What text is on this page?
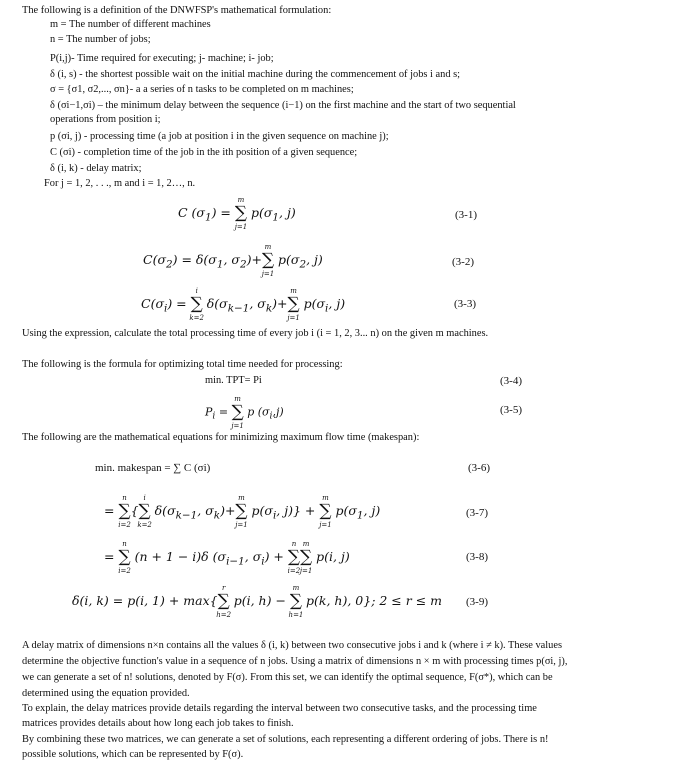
The following is a definition of the DNWFSP's mathematical formulation:
m = The number of different machines
n = The number of jobs;
P(i,j)- Time required for executing; j- machine; i- job;
δ (i, s) - the shortest possible wait on the initial machine during the commencement of jobs i and s;
σ = {σ1, σ2,..., σn}- a a series of n tasks to be completed on m machines;
δ (σi−1,σi) – the minimum delay between the sequence (i−1) on the first machine and the start of two sequential
operations from position i;
p (σi, j) - processing time (a job at position i in the given sequence on machine j);
C (σi) - completion time of the job in the ith position of a given sequence;
δ (i, k) - delay matrix;
For j = 1, 2, . . ., m and i = 1, 2…, n.
C $(\sigma_1)$ =
m
∑
j=1
$p(\sigma_1$, j)	(3-1)
$C(\sigma_2) = \delta(\sigma_1$, $\sigma_2)+$
m
∑
j=1
$p(\sigma_2$, j)	(3-2)
$C(\sigma_i)$ =
i
∑
k=2
$\delta(\sigma_{k-1}$, $\sigma_k)+$
m
∑
j=1
$p(\sigma_i$, j)	(3-3)
Using the expression, calculate the total processing time of every job i (i = 1, 2, 3... n) on the given m machines.
The following is the formula for optimizing total time needed for processing:
min. TPT= Pi	(3-4)
$P_i$ =
m
∑
j=1
p $(\sigma_i,j)$	(3-5)
The following are the mathematical equations for minimizing maximum flow time (makespan):
min. makespan = ∑ C (σi)	(3-6)
=
n
∑
i=2
{
i
∑
k=2
$\delta(\sigma_{k-1}$, $\sigma_k)+$
m
∑
j=1
$p(\sigma_i$, j)} +
m
∑
j=1
$p(\sigma_1$, j)	(3-7)
=
n
∑
i=2
(n + 1 − i)δ ($\sigma_{i-1}$, $\sigma_i$) +
n
∑
i=2
m
∑
j=1
p(i, j)	(3-8)
δ(i, k) = p(i, 1) + max{
r
∑
h=2
p(i, h) −
m
∑
h=1
p(k, h), 0}; 2 ≤ r ≤ m (3-9)
A delay matrix of dimensions n×n contains all the values δ (i, k) between two consecutive jobs i and k (where i ≠ k). These values
determine the objective function's value in a sequence of n jobs. Using a matrix of dimensions n × m with processing times p(σi, j),
we can generate a set of n! solutions, denoted by F(σ). From this set, we can identify the optimal sequence, F(σ*), which can be
determined using the equation provided.
To explain, the delay matrices provide details regarding the interval between two consecutive tasks, and the processing time
matrices provides details about how long each job takes to finish.
By combining these two matrices, we can generate a set of solutions, each representing a different ordering of jobs. There is n!
possible solutions, which can be represented by F(σ).
